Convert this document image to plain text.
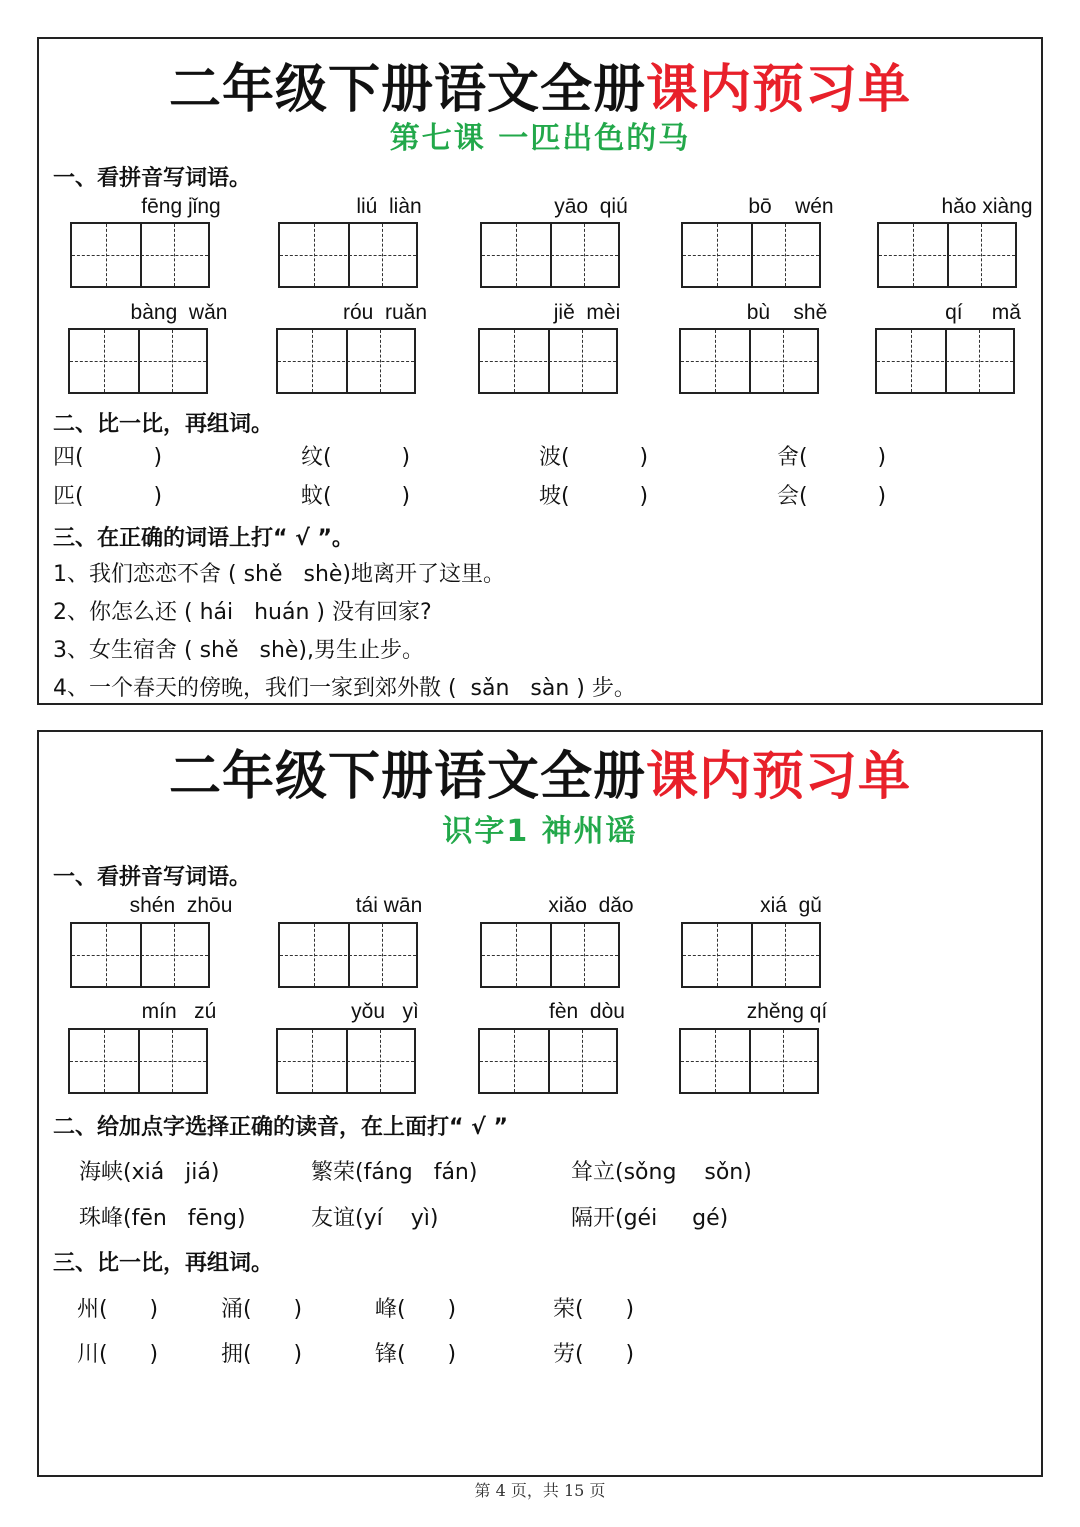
二年级下册语文全册课内预习单
第七课 一匹出色的马
一、看拼音写词语。
fēng jǐng	liú  liàn	yāo  qiú	bō    wén	hǎo xiàng
bàng  wǎn	róu  ruǎn	jiě  mèi	bù    shě	qí     mǎ
二、比一比，再组词。
四(          )	纹(          )	波(          )	舍(          )
匹(          )	蚊(          )	坡(          )	会(          )
三、在正确的词语上打“ √ ”。
1、我们恋恋不舍 ( shě   shè)地离开了这里。
2、你怎么还 ( hái   huán ) 没有回家?
3、女生宿舍 ( shě   shè),男生止步。
4、一个春天的傍晚，我们一家到郊外散 (  sǎn   sàn ) 步。
二年级下册语文全册课内预习单
识字1 神州谣
一、看拼音写词语。
shén  zhōu	tái wān	xiǎo  dǎo	xiá  gǔ
mín   zú	yǒu   yì	fèn  dòu	zhěng qí
二、给加点字选择正确的读音，在上面打“ √ ”
海峡(xiá   jiá)	繁荣(fáng   fán)	耸立(sǒng    sǒn)
珠峰(fēn   fēng)	友谊(yí    yì)	隔开(géi     gé)
三、比一比，再组词。
州(      )	涌(      )	峰(      )	荣(      )
川(      )	拥(      )	锋(      )	劳(      )
第 4 页，共 15 页
